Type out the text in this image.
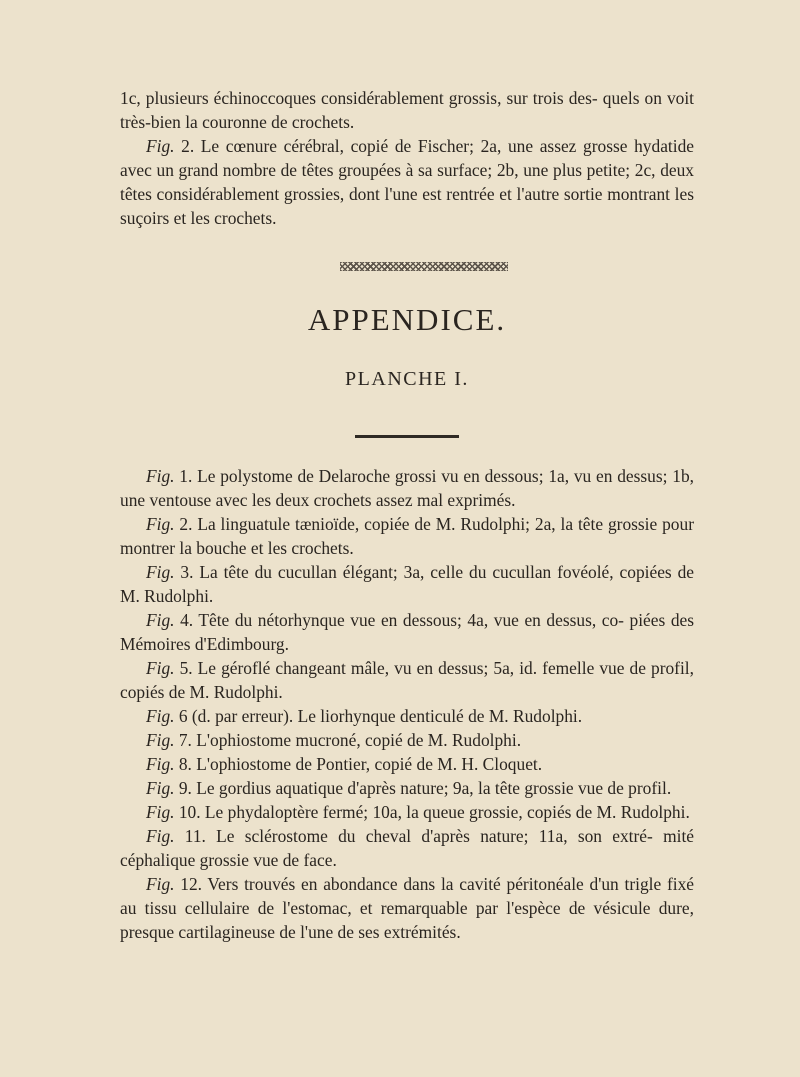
1c, plusieurs échinoccoques considérablement grossis, sur trois des- quels on voit très-bien la couronne de crochets.

Fig. 2. Le cœnure cérébral, copié de Fischer; 2a, une assez grosse hydatide avec un grand nombre de têtes groupées à sa surface; 2b, une plus petite; 2c, deux têtes considérablement grossies, dont l'une est rentrée et l'autre sortie montrant les suçoirs et les crochets.

APPENDICE.
PLANCHE I.

Fig. 1. Le polystome de Delaroche grossi vu en dessous; 1a, vu en dessus; 1b, une ventouse avec les deux crochets assez mal exprimés.

Fig. 2. La linguatule tænioïde, copiée de M. Rudolphi; 2a, la tête grossie pour montrer la bouche et les crochets.

Fig. 3. La tête du cucullan élégant; 3a, celle du cucullan fovéolé, copiées de M. Rudolphi.

Fig. 4. Tête du nétorhynque vue en dessous; 4a, vue en dessus, co- piées des Mémoires d'Edimbourg.

Fig. 5. Le géroflé changeant mâle, vu en dessus; 5a, id. femelle vue de profil, copiés de M. Rudolphi.

Fig. 6 (d. par erreur). Le liorhynque denticulé de M. Rudolphi.

Fig. 7. L'ophiostome mucroné, copié de M. Rudolphi.

Fig. 8. L'ophiostome de Pontier, copié de M. H. Cloquet.

Fig. 9. Le gordius aquatique d'après nature; 9a, la tête grossie vue de profil.

Fig. 10. Le phydaloptère fermé; 10a, la queue grossie, copiés de M. Rudolphi.

Fig. 11. Le sclérostome du cheval d'après nature; 11a, son extré- mité céphalique grossie vue de face.

Fig. 12. Vers trouvés en abondance dans la cavité péritonéale d'un trigle fixé au tissu cellulaire de l'estomac, et remarquable par l'espèce de vésicule dure, presque cartilagineuse de l'une de ses extrémités.
